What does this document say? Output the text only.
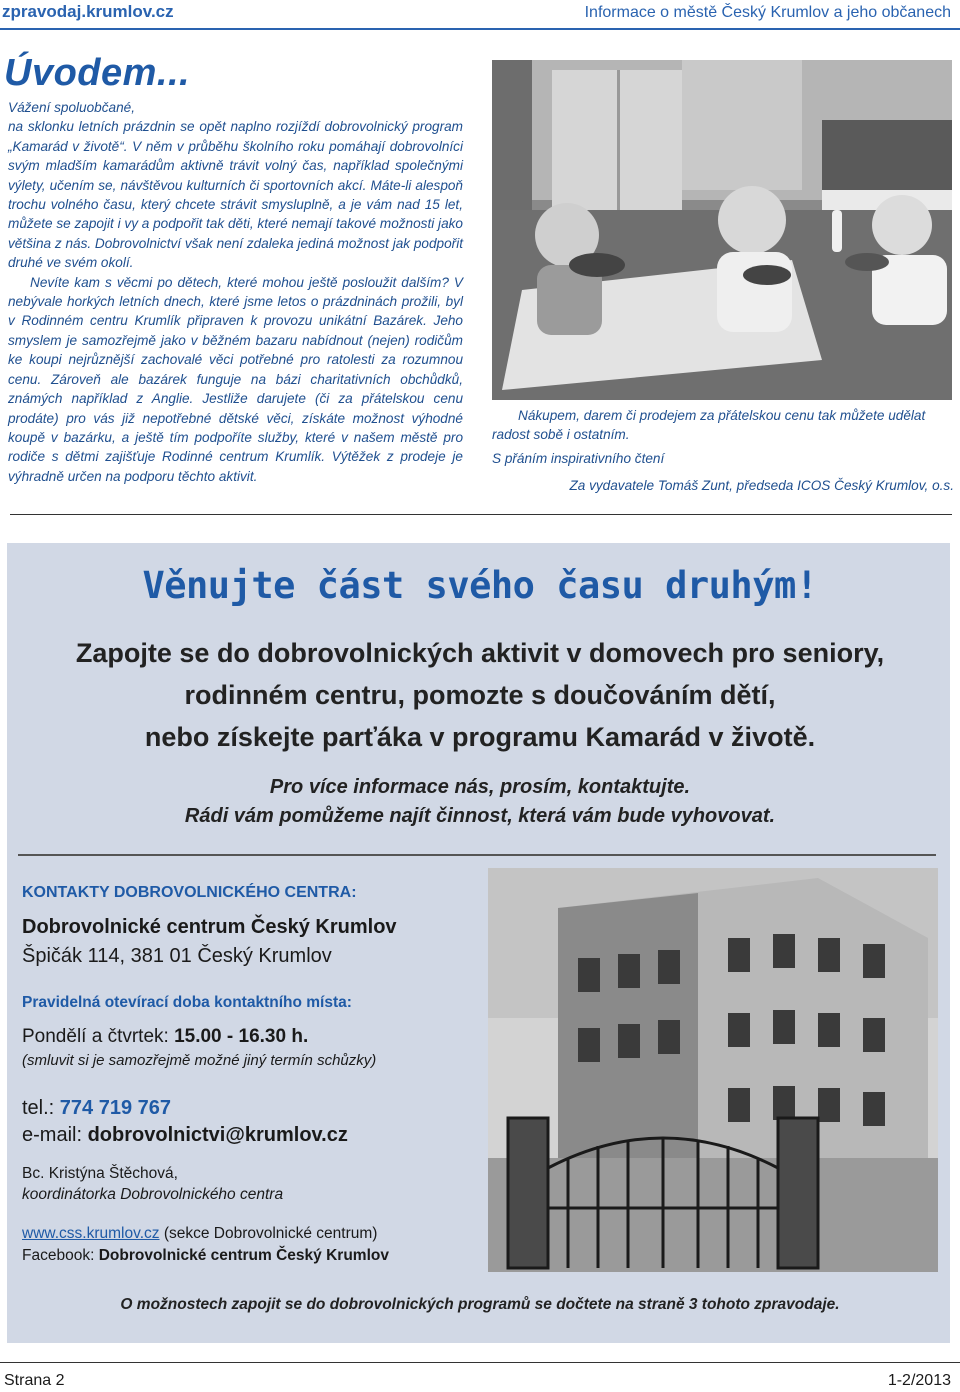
zpravodaj.krumlov.cz	Informace o městě Český Krumlov a jeho občanech
Úvodem...

Vážení spoluobčané,

na sklonku letních prázdnin se opět naplno rozjíždí dobrovolnický program „Kamarád v životě“. V něm v průběhu školního roku pomáhají dobrovolníci svým mladším kamarádům aktivně trávit volný čas, například společnými výlety, učením se, návštěvou kulturních či sportovních akcí. Máte-li alespoň trochu volného času, který chcete strávit smysluplně, a je vám nad 15 let, můžete se zapojit i vy a podpořit tak děti, které nemají takové možnosti jako většina z nás. Dobrovolnictví však není zdaleka jediná možnost jak podpořit druhé ve svém okolí.

Nevíte kam s věcmi po dětech, které mohou ještě posloužit dalším? V nebývale horkých letních dnech, které jsme letos o prázdninách prožili, byl v Rodinném centru Krumlík připraven k provozu unikátní Bazárek. Jeho smyslem je samozřejmě jako v běžném bazaru nabídnout (nejen) rodičům ke koupi nejrůznější zachovalé věci potřebné pro ratolesti za rozumnou cenu. Zároveň ale bazárek funguje na bázi charitativních obchůdků, známých například z Anglie. Jestliže darujete (či za přátelskou cenu prodáte) pro vás již nepotřebné dětské věci, získáte možnost výhodné koupě v bazárku, a ještě tím podpoříte služby, které v našem městě pro rodiče s dětmi zajišťuje Rodinné centrum Krumlík. Výtěžek z prodeje je výhradně určen na podporu těchto aktivit.

Nákupem, darem či prodejem za přátelskou cenu tak můžete udělat radost sobě i ostatním.

S přáním inspirativního čtení

Za vydavatele Tomáš Zunt, předseda ICOS Český Krumlov, o.s.

Věnujte část svého času druhým!
Zapojte se do dobrovolnických aktivit v domovech pro seniory,
rodinném centru, pomozte s doučováním dětí,
nebo získejte parťáka v programu Kamarád v životě.
Pro více informace nás, prosím, kontaktujte.
Rádi vám pomůžeme najít činnost, která vám bude vyhovovat.
KONTAKTY DOBROVOLNICKÉHO CENTRA:
Dobrovolnické centrum Český Krumlov
Špičák 114, 381 01 Český Krumlov
Pravidelná otevírací doba kontaktního místa:
Pondělí a čtvrtek: 15.00 - 16.30 h.
(smluvit si je samozřejmě možné jiný termín schůzky)
tel.: 774 719 767
e-mail: dobrovolnictvi@krumlov.cz
Bc. Kristýna Štěchová,
koordinátorka Dobrovolnického centra
www.css.krumlov.cz (sekce Dobrovolnické centrum)
Facebook: Dobrovolnické centrum Český Krumlov
O možnostech zapojit se do dobrovolnických programů se dočtete na straně 3 tohoto zpravodaje.
Strana 2	1-2/2013
